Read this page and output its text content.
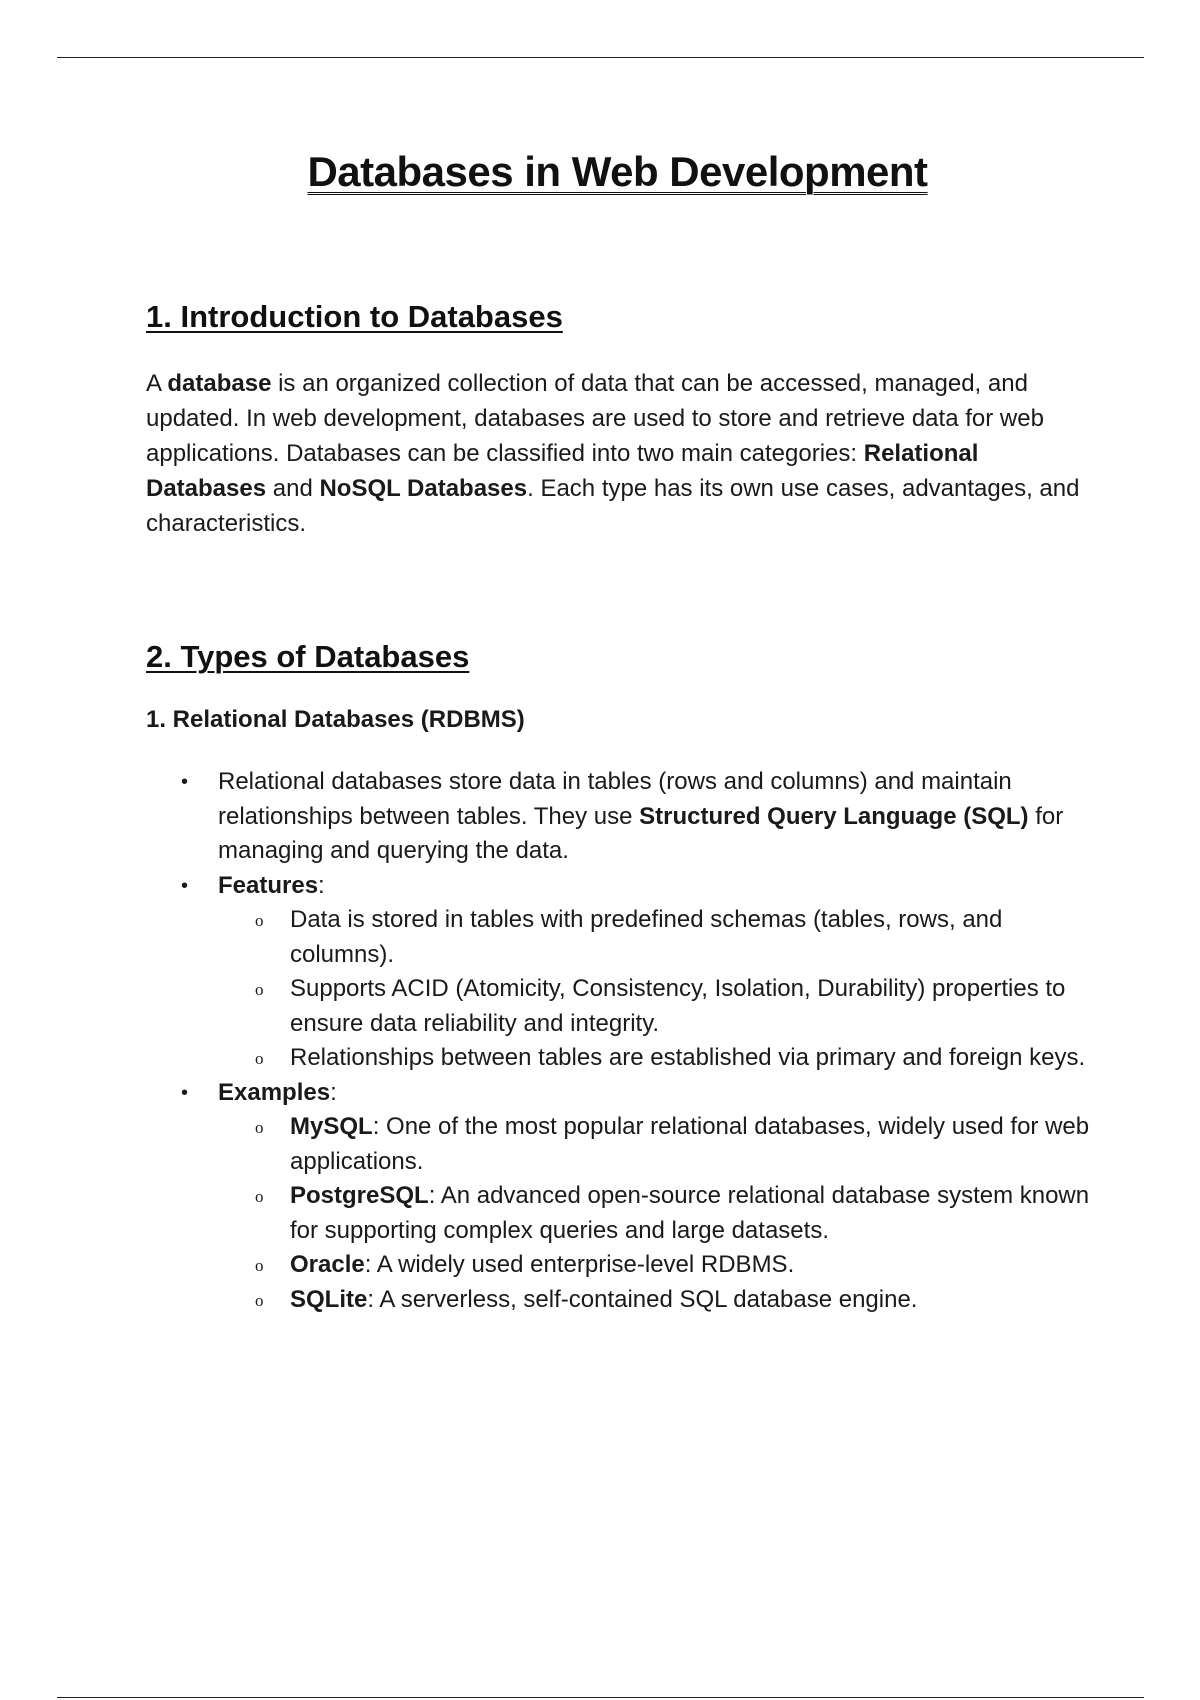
Databases in Web Development
1. Introduction to Databases

A database is an organized collection of data that can be accessed, managed, and updated. In web development, databases are used to store and retrieve data for web applications. Databases can be classified into two main categories: Relational Databases and NoSQL Databases. Each type has its own use cases, advantages, and characteristics.

2. Types of Databases

1. Relational Databases (RDBMS)

• Relational databases store data in tables (rows and columns) and maintain relationships between tables. They use Structured Query Language (SQL) for managing and querying the data.
• Features:
o Data is stored in tables with predefined schemas (tables, rows, and columns).
o Supports ACID (Atomicity, Consistency, Isolation, Durability) properties to ensure data reliability and integrity.
o Relationships between tables are established via primary and foreign keys.
• Examples:
o MySQL: One of the most popular relational databases, widely used for web applications.
o PostgreSQL: An advanced open-source relational database system known for supporting complex queries and large datasets.
o Oracle: A widely used enterprise-level RDBMS.
o SQLite: A serverless, self-contained SQL database engine.
